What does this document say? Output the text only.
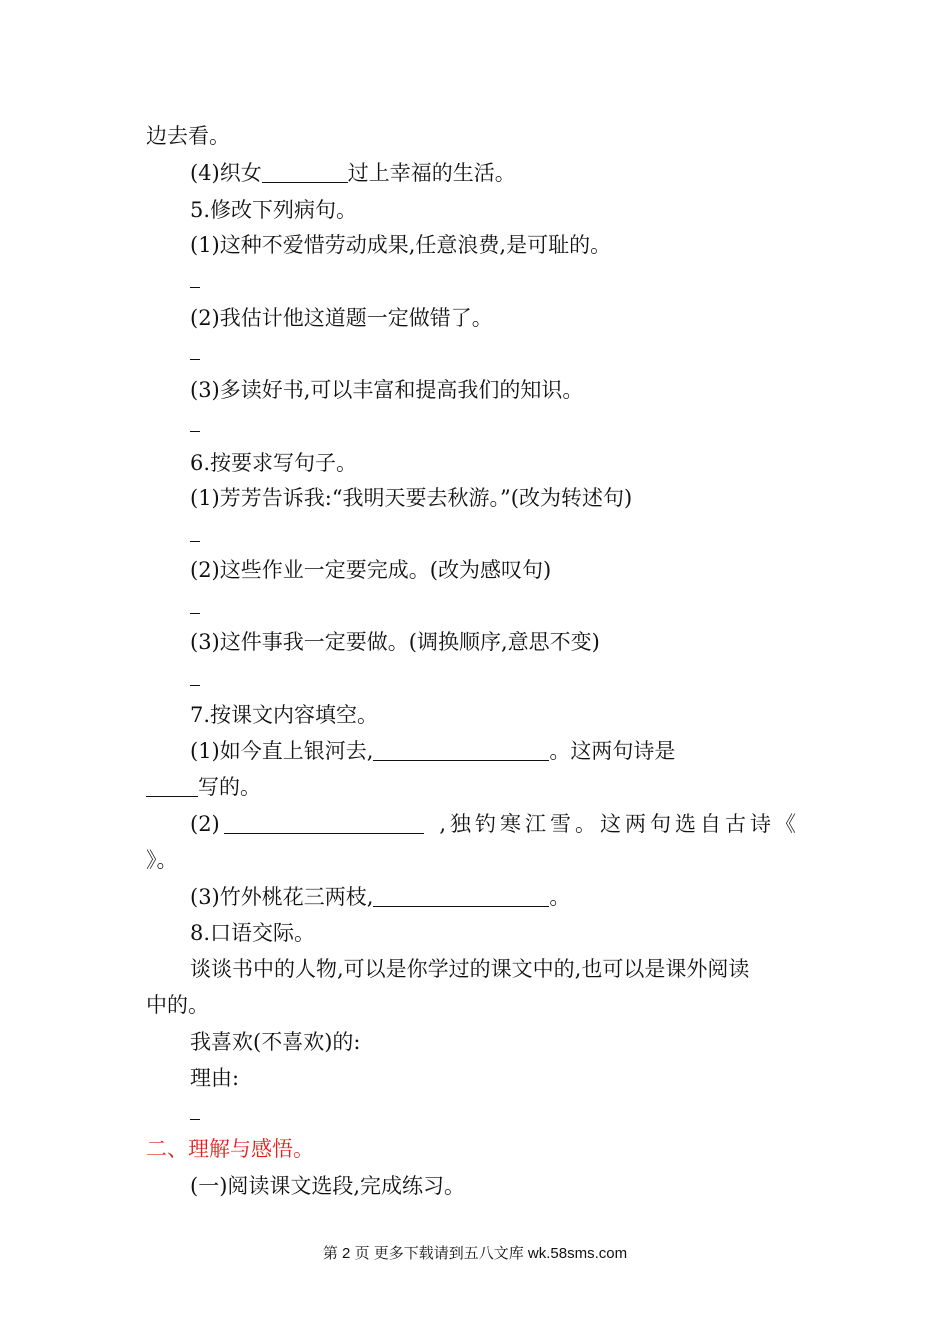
边去看。
(4)织女	过上幸福的生活。
5.修改下列病句。
(1)这种不爱惜劳动成果,任意浪费,是可耻的。
(2)我估计他这道题一定做错了。
(3)多读好书,可以丰富和提高我们的知识。
6.按要求写句子。
(1)芳芳告诉我:“我明天要去秋游。”(改为转述句)
(2)这些作业一定要完成。(改为感叹句)
(3)这件事我一定要做。(调换顺序,意思不变)
7.按课文内容填空。
(1)如今直上银河去,	。这两句诗是
写的。
(2)	,独钓寒江雪。这两句选自古诗《
》。
(3)竹外桃花三两枝,	。
8.口语交际。
谈谈书中的人物,可以是你学过的课文中的,也可以是课外阅读
中的。
我喜欢(不喜欢)的:
理由:
二、理解与感悟。
(一)阅读课文选段,完成练习。
第 2 页 更多下载请到五八文库 wk.58sms.com
